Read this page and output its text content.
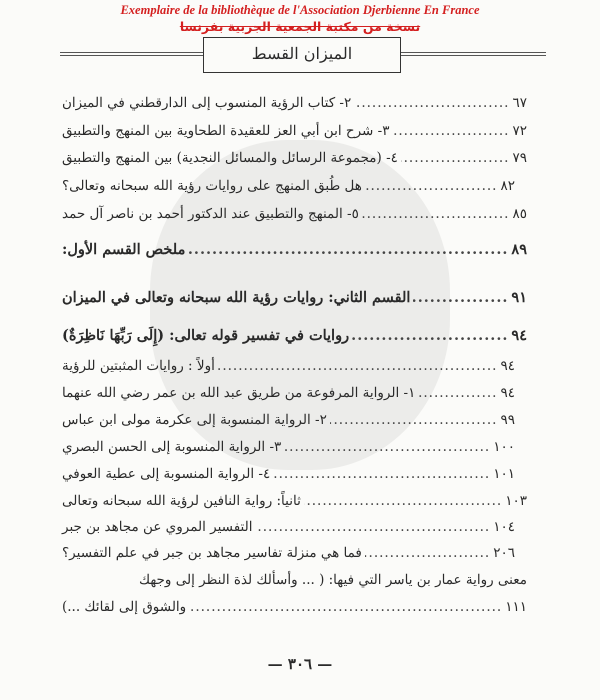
Exemplaire de la bibliothèque de l'Association Djerbienne En France
نسخة من مكتبة الجمعية الجربية بفرنسا
الميزان القسط
٢- كتاب الرؤية المنسوب إلى الدارقطني في الميزان .....	٦٧
٣- شرح ابن أبي العز للعقيدة الطحاوية بين المنهج والتطبيق .....	٧٢
٤- (مجموعة الرسائل والمسائل النجدية) بين المنهج والتطبيق .....	٧٩
هل طُبق المنهج على روايات رؤية الله سبحانه وتعالى؟ .....	٨٢
٥- المنهج والتطبيق عند الدكتور أحمد بن ناصر آل حمد .....	٨٥
ملخص القسم الأول: .....	٨٩
القسم الثاني: روايات رؤية الله سبحانه وتعالى في الميزان .....	٩١
روايات في تفسير قوله تعالى: (إِلَى رَبِّهَا نَاظِرَةٌ) .....	٩٤
أولاً : روايات المثبتين للرؤية .....	٩٤
١- الرواية المرفوعة من طريق عبد الله بن عمر رضي الله عنهما .....	٩٤
٢- الرواية المنسوبة إلى عكرمة مولى ابن عباس .....	٩٩
٣- الرواية المنسوبة إلى الحسن البصري .....	١٠٠
٤- الرواية المنسوبة إلى عطية العوفي .....	١٠١
ثانياً: رواية النافين لرؤية الله سبحانه وتعالى .....	١٠٣
التفسير المروي عن مجاهد بن جبر .....	١٠٤
فما هي منزلة تفاسير مجاهد بن جبر في علم التفسير؟ .....	٢٠٦
معنى رواية عمار بن ياسر التي فيها: ( ... وأسألك لذة النظر إلى وجهك
والشوق إلى لقائك ...) .....	١١١
— ٣٠٦ —
